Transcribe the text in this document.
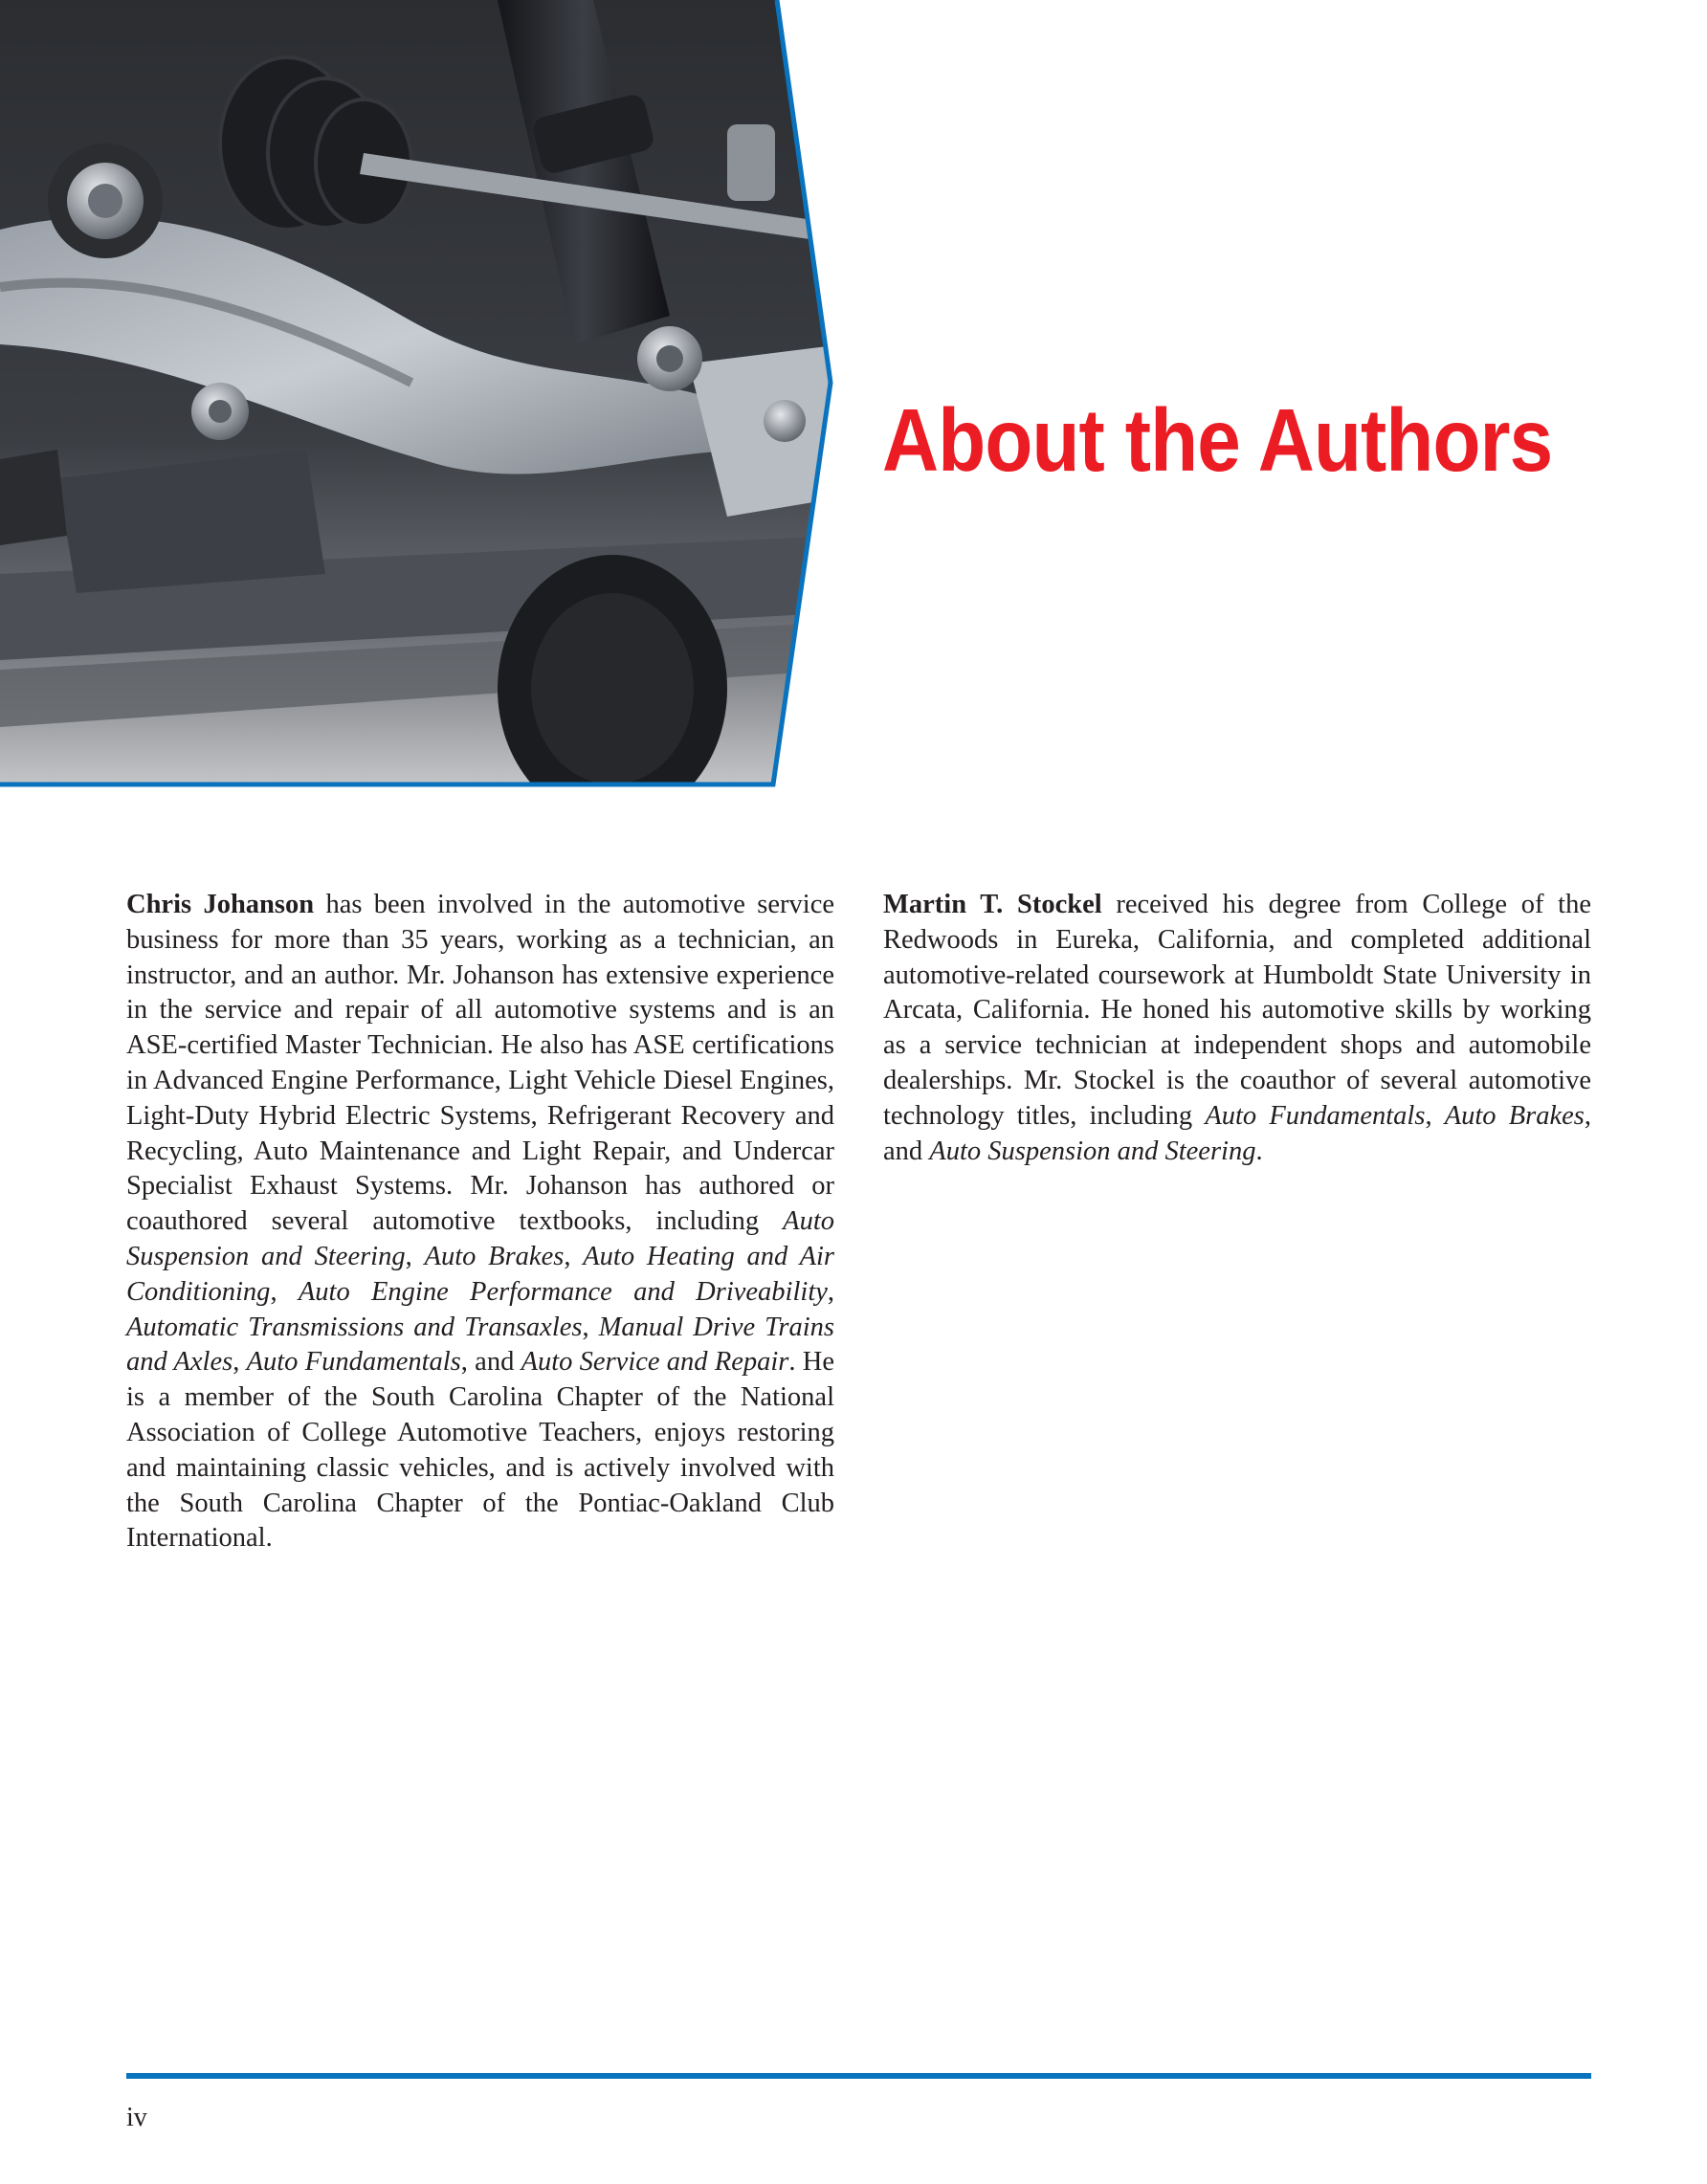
About the Authors
Chris Johanson has been involved in the automotive service business for more than 35 years, working as a technician, an instructor, and an author. Mr. Johanson has extensive experience in the service and repair of all automotive systems and is an ASE-certified Master Technician. He also has ASE certifications in Advanced Engine Performance, Light Vehicle Diesel Engines, Light-Duty Hybrid Electric Systems, Refrigerant Recovery and Recycling, Auto Maintenance and Light Repair, and Undercar Specialist Exhaust Systems. Mr. Johanson has authored or coauthored several automotive textbooks, including Auto Suspension and Steering, Auto Brakes, Auto Heating and Air Conditioning, Auto Engine Performance and Driveability, Automatic Transmissions and Transaxles, Manual Drive Trains and Axles, Auto Fundamentals, and Auto Service and Repair. He is a member of the South Carolina Chapter of the National Association of College Automotive Teachers, enjoys restoring and maintaining classic vehicles, and is actively involved with the South Carolina Chapter of the Pontiac-Oakland Club International.
Martin T. Stockel received his degree from College of the Redwoods in Eureka, California, and completed additional automotive-related coursework at Humboldt State University in Arcata, California. He honed his automotive skills by working as a service technician at independent shops and automobile dealerships. Mr. Stockel is the coauthor of several automotive technology titles, including Auto Fundamentals, Auto Brakes, and Auto Suspension and Steering.
iv
